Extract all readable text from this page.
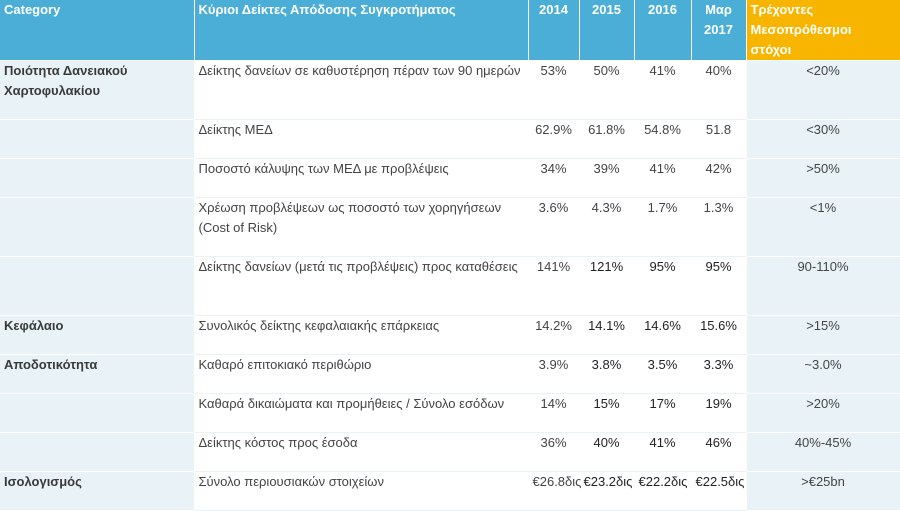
Category	Κύριοι Δείκτες Απόδοσης Συγκροτήματος	2014	2015	2016	Μαρ 2017	Τρέχοντες Μεσοπρόθεσμοι στόχοι
Ποιότητα Δανειακού Χαρτοφυλακίου	Δείκτης δανείων σε καθυστέρηση πέραν των 90 ημερών	53%	50%	41%	40%	<20%
	Δείκτης ΜΕΔ	62.9%	61.8%	54.8%	51.8	<30%
	Ποσοστό κάλυψης των ΜΕΔ με προβλέψεις	34%	39%	41%	42%	>50%
	Χρέωση προβλέψεων ως ποσοστό των χορηγήσεων (Cost of Risk)	3.6%	4.3%	1.7%	1.3%	<1%
	Δείκτης δανείων (μετά τις προβλέψεις) προς καταθέσεις	141%	121%	95%	95%	90-110%
Κεφάλαιο	Συνολικός δείκτης κεφαλαιακής επάρκειας	14.2%	14.1%	14.6%	15.6%	>15%
Αποδοτικότητα	Καθαρό επιτοκιακό περιθώριο	3.9%	3.8%	3.5%	3.3%	~3.0%
	Καθαρά δικαιώματα και προμήθειες / Σύνολο εσόδων	14%	15%	17%	19%	>20%
	Δείκτης κόστος προς έσοδα	36%	40%	41%	46%	40%-45%
Ισολογισμός	Σύνολο περιουσιακών στοιχείων	€26.8δις	€23.2δις	€22.2δις	€22.5δις	>€25bn
